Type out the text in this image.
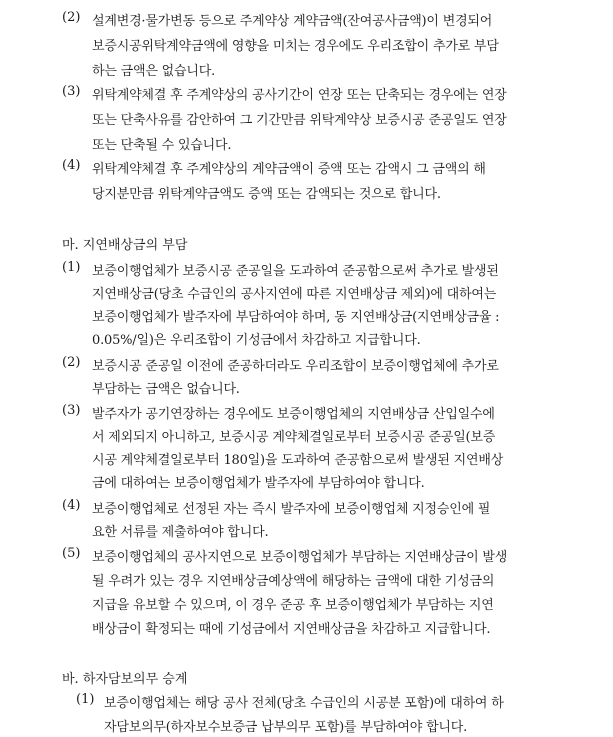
(2) 설계변경·물가변동 등으로 주계약상 계약금액(잔여공사금액)이 변경되어
보증시공위탁계약금액에 영향을 미치는 경우에도 우리조합이 추가로 부담
하는 금액은 없습니다.
(3) 위탁계약체결 후 주계약상의 공사기간이 연장 또는 단축되는 경우에는 연장
또는 단축사유를 감안하여 그 기간만큼 위탁계약상 보증시공 준공일도 연장
또는 단축될 수 있습니다.
(4) 위탁계약체결 후 주계약상의 계약금액이 증액 또는 감액시 그 금액의 해
당지분만큼 위탁계약금액도 증액 또는 감액되는 것으로 합니다.
마. 지연배상금의 부담
(1) 보증이행업체가 보증시공 준공일을 도과하여 준공함으로써 추가로 발생된
지연배상금(당초 수급인의 공사지연에 따른 지연배상금 제외)에 대하여는
보증이행업체가 발주자에 부담하여야 하며, 동 지연배상금(지연배상금율 :
0.05%/일)은 우리조합이 기성금에서 차감하고 지급합니다.
(2) 보증시공 준공일 이전에 준공하더라도 우리조합이 보증이행업체에 추가로
부담하는 금액은 없습니다.
(3) 발주자가 공기연장하는 경우에도 보증이행업체의 지연배상금 산입일수에
서 제외되지 아니하고, 보증시공 계약체결일로부터 보증시공 준공일(보증
시공 계약체결일로부터 180일)을 도과하여 준공함으로써 발생된 지연배상
금에 대하여는 보증이행업체가 발주자에 부담하여야 합니다.
(4) 보증이행업체로 선정된 자는 즉시 발주자에 보증이행업체 지정승인에 필
요한 서류를 제출하여야 합니다.
(5) 보증이행업체의 공사지연으로 보증이행업체가 부담하는 지연배상금이 발생
될 우려가 있는 경우 지연배상금예상액에 해당하는 금액에 대한 기성금의
지급을 유보할 수 있으며, 이 경우 준공 후 보증이행업체가 부담하는 지연
배상금이 확정되는 때에 기성금에서 지연배상금을 차감하고 지급합니다.
바. 하자담보의무 승계
(1) 보증이행업체는 해당 공사 전체(당초 수급인의 시공분 포함)에 대하여 하
자담보의무(하자보수보증금 납부의무 포함)를 부담하여야 합니다.
